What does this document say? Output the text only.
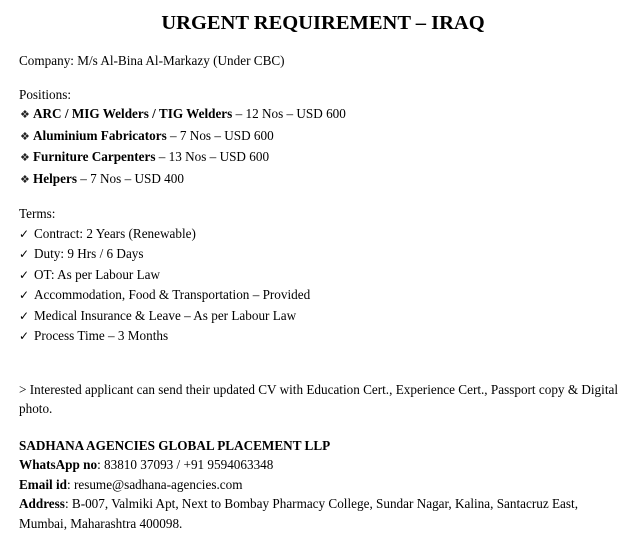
URGENT REQUIREMENT – IRAQ
Company: M/s Al-Bina Al-Markazy (Under CBC)
Positions:
❖ ARC / MIG Welders / TIG Welders – 12 Nos – USD 600
❖ Aluminium Fabricators – 7 Nos – USD 600
❖ Furniture Carpenters – 13 Nos – USD 600
❖ Helpers – 7 Nos – USD 400
Terms:
✓ Contract: 2 Years (Renewable)
✓ Duty: 9 Hrs / 6 Days
✓ OT: As per Labour Law
✓ Accommodation, Food & Transportation – Provided
✓ Medical Insurance & Leave – As per Labour Law
✓ Process Time – 3 Months
> Interested applicant can send their updated CV with Education Cert., Experience Cert., Passport copy & Digital photo.
SADHANA AGENCIES GLOBAL PLACEMENT LLP
WhatsApp no: 83810 37093 / +91 9594063348
Email id: resume@sadhana-agencies.com
Address: B-007, Valmiki Apt, Next to Bombay Pharmacy College, Sundar Nagar, Kalina, Santacruz East, Mumbai, Maharashtra 400098.
